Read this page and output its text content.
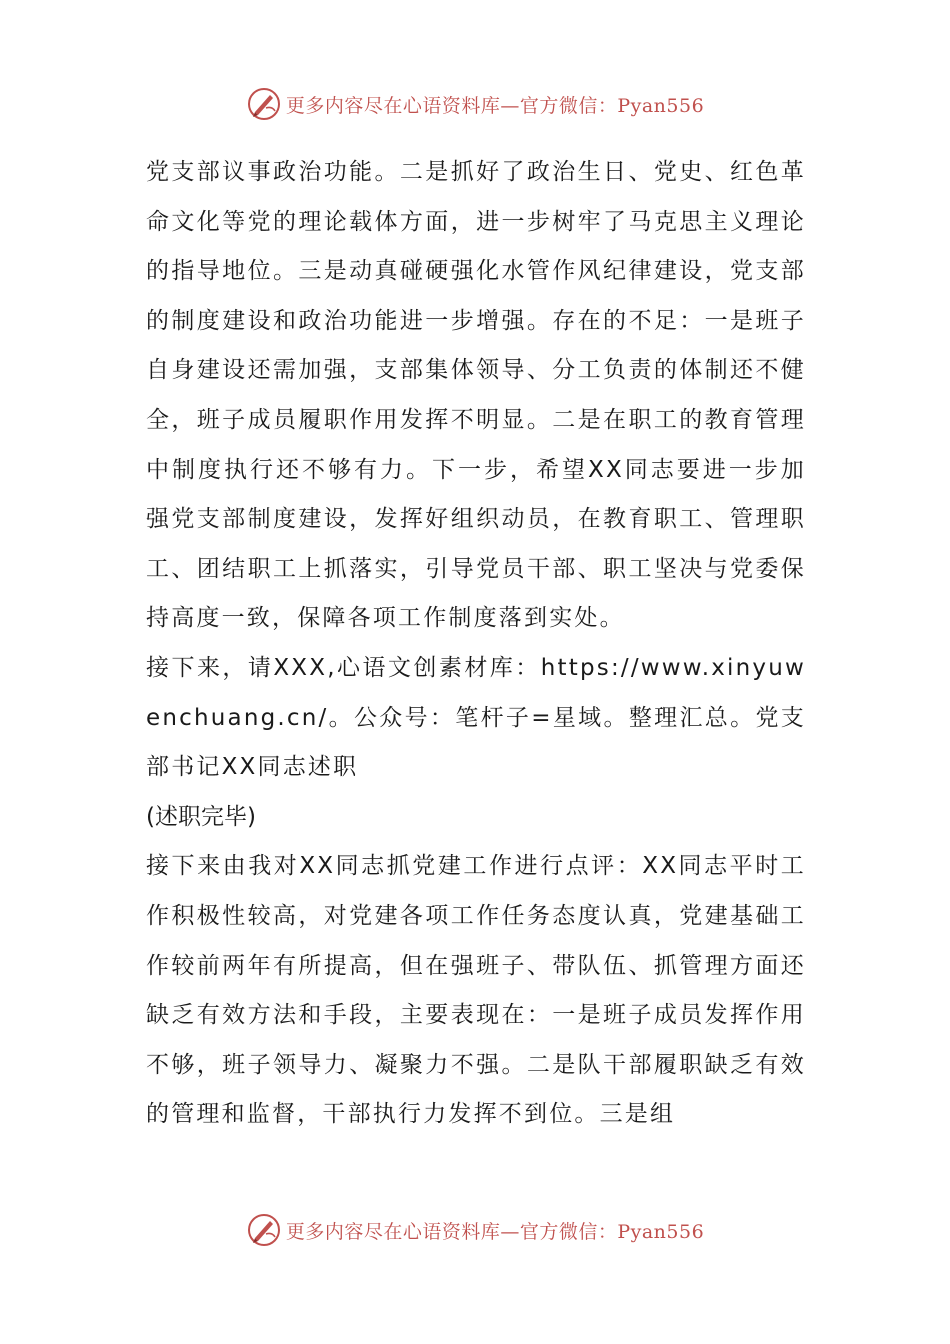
更多内容尽在心语资料库—官方微信：Pyan556

党支部议事政治功能。二是抓好了政治生日、党史、红色革命文化等党的理论载体方面，进一步树牢了马克思主义理论的指导地位。三是动真碰硬强化水管作风纪律建设，党支部的制度建设和政治功能进一步增强。存在的不足：一是班子自身建设还需加强，支部集体领导、分工负责的体制还不健全，班子成员履职作用发挥不明显。二是在职工的教育管理中制度执行还不够有力。下一步，希望XX同志要进一步加强党支部制度建设，发挥好组织动员，在教育职工、管理职工、团结职工上抓落实，引导党员干部、职工坚决与党委保持高度一致，保障各项工作制度落到实处。

接下来，请XXX,心语文创素材库：https://www.xinyuwenchuang.cn/。公众号：笔杆子=星域。整理汇总。党支部书记XX同志述职

(述职完毕)

接下来由我对XX同志抓党建工作进行点评：XX同志平时工作积极性较高，对党建各项工作任务态度认真，党建基础工作较前两年有所提高，但在强班子、带队伍、抓管理方面还缺乏有效方法和手段，主要表现在：一是班子成员发挥作用不够，班子领导力、凝聚力不强。二是队干部履职缺乏有效的管理和监督，干部执行力发挥不到位。三是组

更多内容尽在心语资料库—官方微信：Pyan556
